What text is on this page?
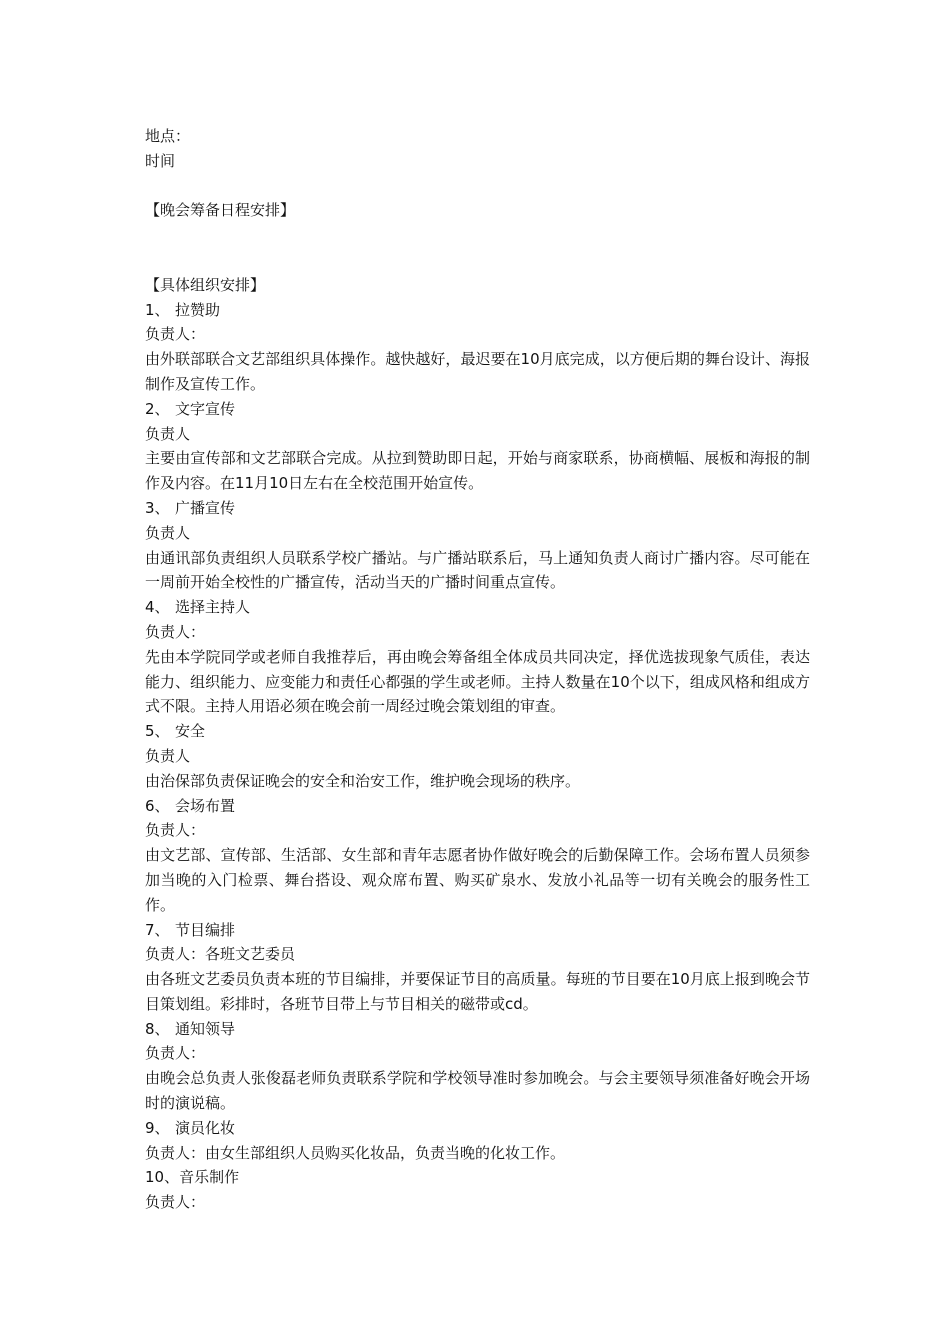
地点：

时间

【晚会筹备日程安排】

【具体组织安排】

1、 拉赞助

负责人：

由外联部联合文艺部组织具体操作。越快越好，最迟要在10月底完成，以方便后期的舞台设计、海报制作及宣传工作。

2、 文字宣传

负责人

主要由宣传部和文艺部联合完成。从拉到赞助即日起，开始与商家联系，协商横幅、展板和海报的制作及内容。在11月10日左右在全校范围开始宣传。

3、 广播宣传

负责人

由通讯部负责组织人员联系学校广播站。与广播站联系后，马上通知负责人商讨广播内容。尽可能在一周前开始全校性的广播宣传，活动当天的广播时间重点宣传。

4、 选择主持人

负责人：

先由本学院同学或老师自我推荐后，再由晚会筹备组全体成员共同决定，择优选拔现象气质佳，表达能力、组织能力、应变能力和责任心都强的学生或老师。主持人数量在10个以下，组成风格和组成方式不限。主持人用语必须在晚会前一周经过晚会策划组的审查。

5、 安全

负责人

由治保部负责保证晚会的安全和治安工作，维护晚会现场的秩序。

6、 会场布置

负责人：

由文艺部、宣传部、生活部、女生部和青年志愿者协作做好晚会的后勤保障工作。会场布置人员须参加当晚的入门检票、舞台搭设、观众席布置、购买矿泉水、发放小礼品等一切有关晚会的服务性工作。

7、 节目编排

负责人：各班文艺委员

由各班文艺委员负责本班的节目编排，并要保证节目的高质量。每班的节目要在10月底上报到晚会节目策划组。彩排时，各班节目带上与节目相关的磁带或cd。

8、 通知领导

负责人：

由晚会总负责人张俊磊老师负责联系学院和学校领导准时参加晚会。与会主要领导须准备好晚会开场时的演说稿。

9、 演员化妆

负责人：由女生部组织人员购买化妆品，负责当晚的化妆工作。

10、 音乐制作

负责人：
